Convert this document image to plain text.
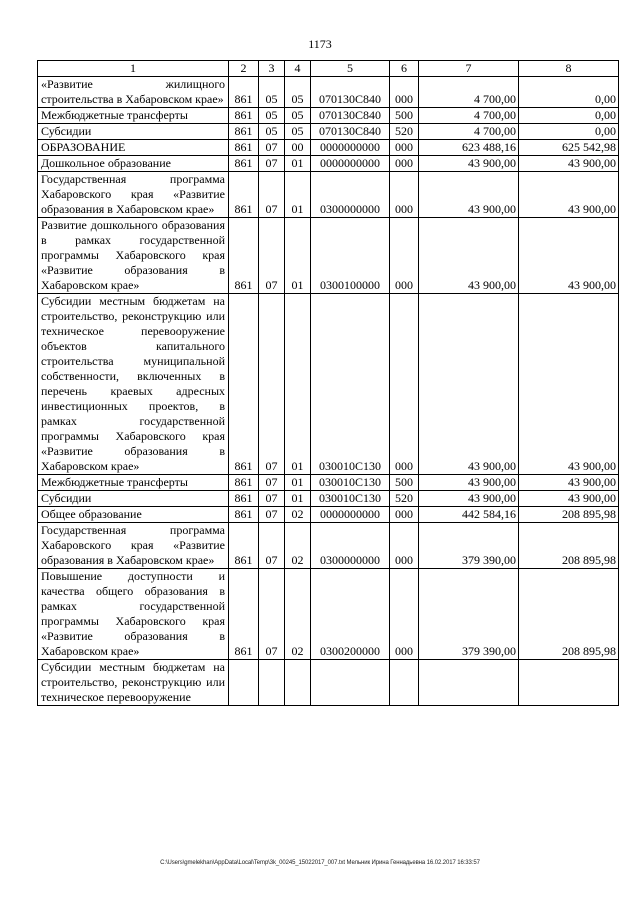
1173
1	2	3	4	5	6	7	8
«Развитие жилищного строительства в Хабаровском крае»	861	05	05	070130С840	000	4 700,00	0,00
Межбюджетные трансферты	861	05	05	070130С840	500	4 700,00	0,00
Субсидии	861	05	05	070130С840	520	4 700,00	0,00
ОБРАЗОВАНИЕ	861	07	00	0000000000	000	623 488,16	625 542,98
Дошкольное образование	861	07	01	0000000000	000	43 900,00	43 900,00
Государственная программа Хабаровского края «Развитие образования в Хабаровском крае»	861	07	01	0300000000	000	43 900,00	43 900,00
Развитие дошкольного образования в рамках государственной программы Хабаровского края «Развитие образования в Хабаровском крае»	861	07	01	0300100000	000	43 900,00	43 900,00
Субсидии местным бюджетам на строительство, реконструкцию или техническое перевооружение объектов капитального строительства муниципальной собственности, включенных в перечень краевых адресных инвестиционных проектов, в рамках государственной программы Хабаровского края «Развитие образования в Хабаровском крае»	861	07	01	030010С130	000	43 900,00	43 900,00
Межбюджетные трансферты	861	07	01	030010С130	500	43 900,00	43 900,00
Субсидии	861	07	01	030010С130	520	43 900,00	43 900,00
Общее образование	861	07	02	0000000000	000	442 584,16	208 895,98
Государственная программа Хабаровского края «Развитие образования в Хабаровском крае»	861	07	02	0300000000	000	379 390,00	208 895,98
Повышение доступности и качества общего образования в рамках государственной программы Хабаровского края «Развитие образования в Хабаровском крае»	861	07	02	0300200000	000	379 390,00	208 895,98
Субсидии местным бюджетам на строительство, реконструкцию или техническое перевооружение							
C:\Users\gmelekhan\AppData\Local\Temp\3k_00245_15022017_007.txt Мельник Ирина Геннадьевна 16.02.2017 16:33:57
